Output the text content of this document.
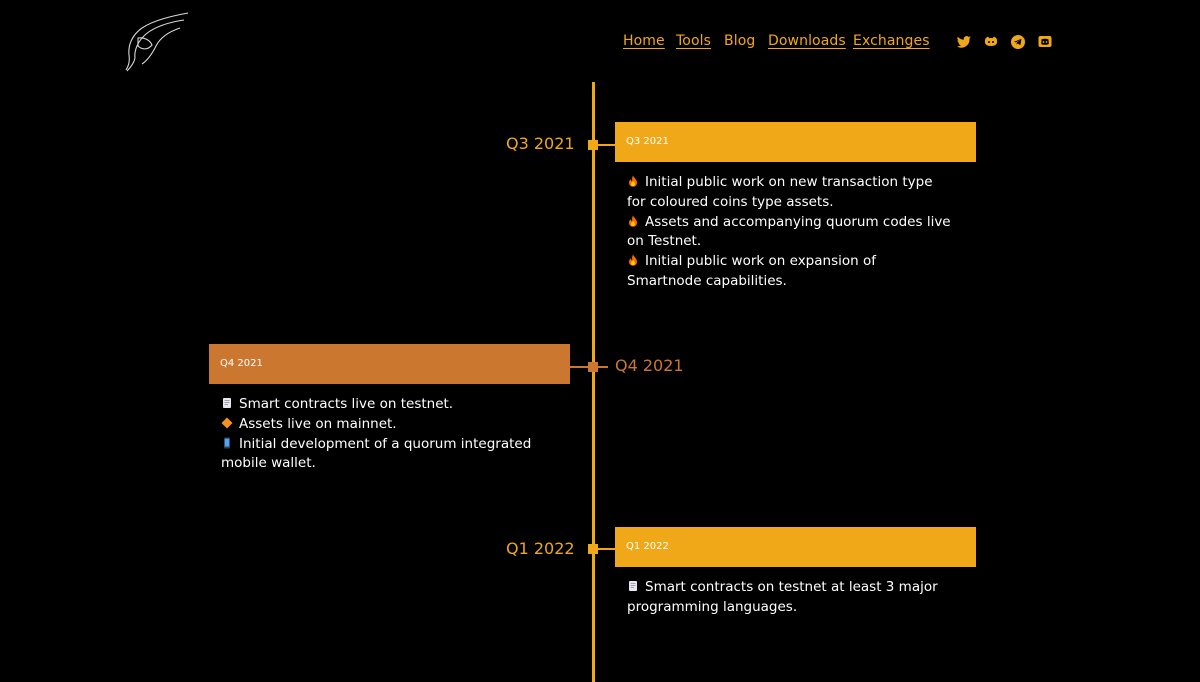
Home Tools Blog Downloads Exchanges
Q3 2021	Q3 2021
Initial public work on new transaction type
for coloured coins type assets.
Assets and accompanying quorum codes live
on Testnet.
Initial public work on expansion of
Smartnode capabilities.
Q4 2021	Q4 2021
Smart contracts live on testnet.
Assets live on mainnet.
Initial development of a quorum integrated
mobile wallet.
Q1 2022	Q1 2022
Smart contracts on testnet at least 3 major
programming languages.
